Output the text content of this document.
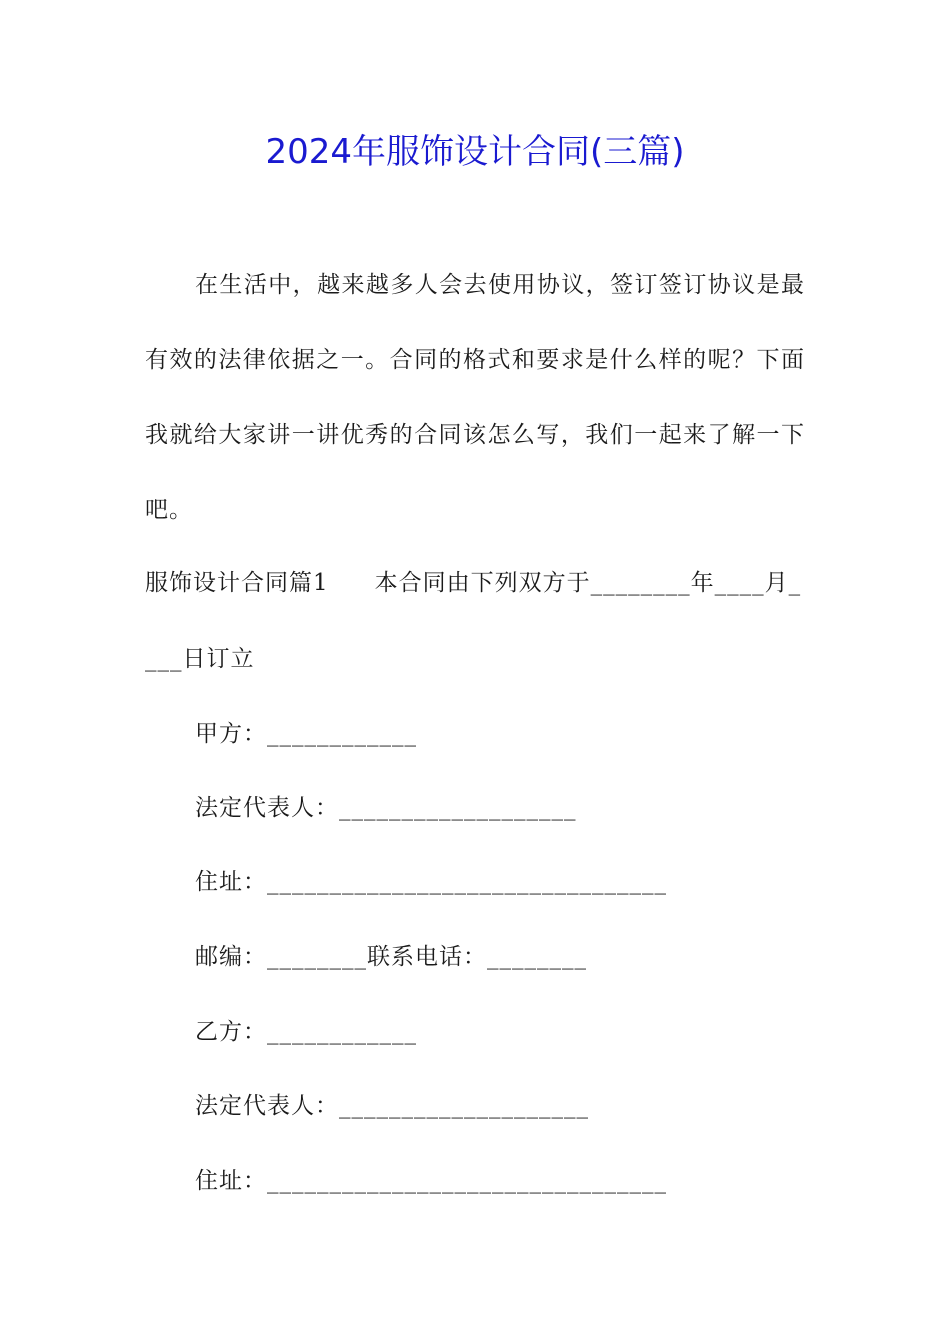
2024年服饰设计合同(三篇)
在生活中，越来越多人会去使用协议，签订签订协议是最
有效的法律依据之一。合同的格式和要求是什么样的呢？下面
我就给大家讲一讲优秀的合同该怎么写，我们一起来了解一下
吧。
服饰设计合同篇1 本合同由下列双方于________年____月_
___日订立
甲方：____________
法定代表人：___________________
住址：________________________________
邮编：________联系电话：________
乙方：____________
法定代表人：____________________
住址：________________________________
